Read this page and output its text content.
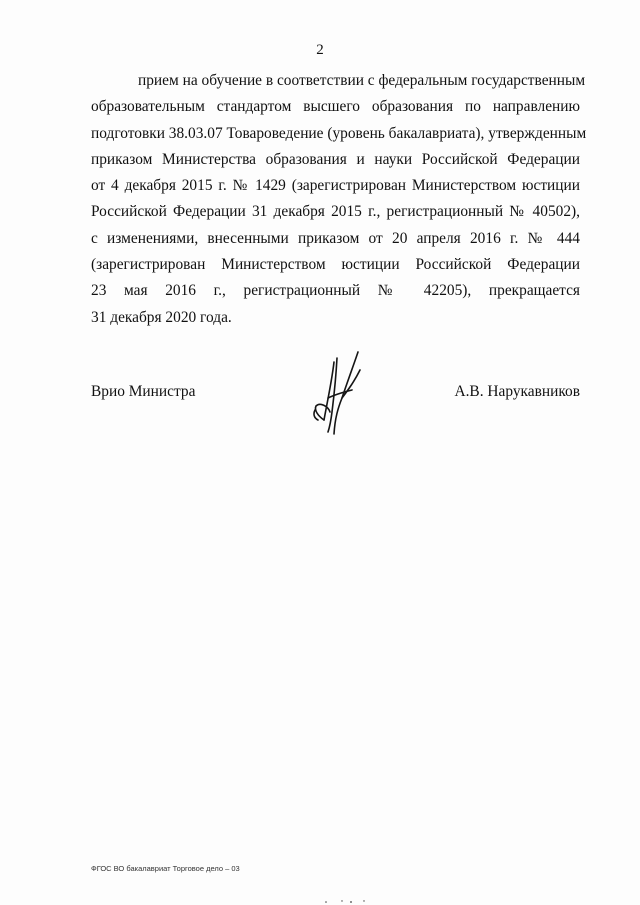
2
прием на обучение в соответствии с федеральным государственным
образовательным стандартом высшего образования по направлению
подготовки 38.03.07 Товароведение (уровень бакалавриата), утвержденным
приказом Министерства образования и науки Российской Федерации
от 4 декабря 2015 г. № 1429 (зарегистрирован Министерством юстиции
Российской Федерации 31 декабря 2015 г., регистрационный № 40502),
с изменениями, внесенными приказом от 20 апреля 2016 г. № 444
(зарегистрирован Министерством юстиции Российской Федерации
23 мая 2016 г., регистрационный № 42205), прекращается
31 декабря 2020 года.
Врио Министра	А.В. Нарукавников
ФГОС ВО бакалавриат Торговое дело – 03
